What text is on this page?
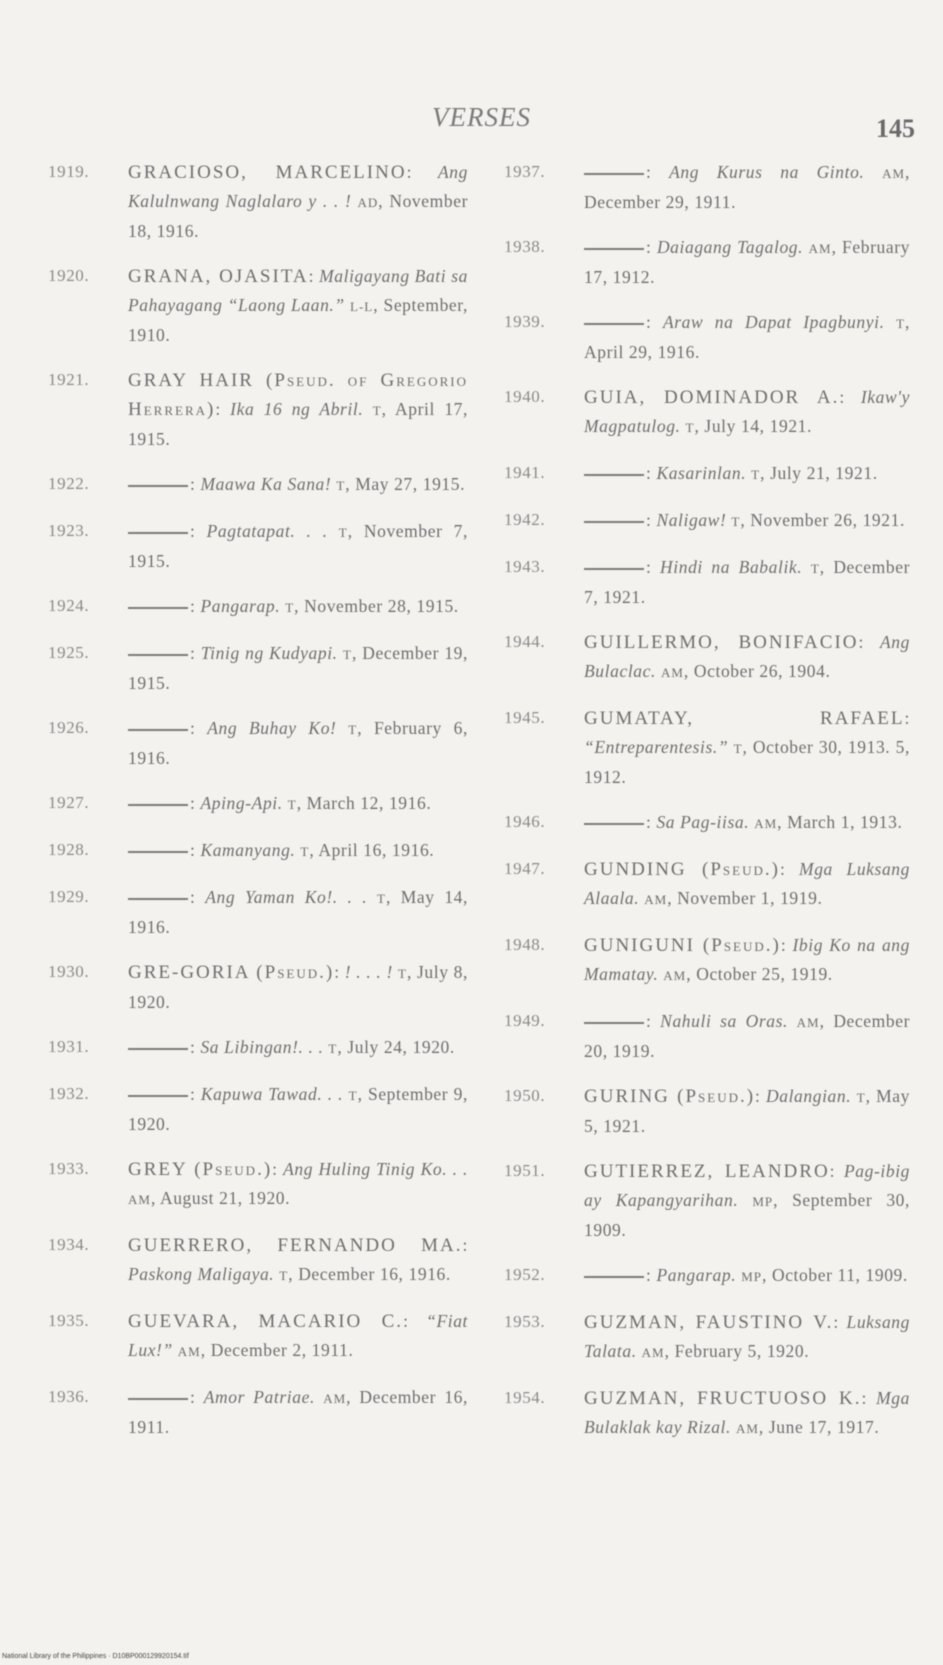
VERSES	145
1919. GRACIOSO, MARCELINO: Ang Kalulnwang Naglalaro y . . ! AD, November 18, 1916.
1920. GRANA, OJASITA: Maligayang Bati sa Pahayagang “Laong Laan.” L-L, September, 1910.
1921. GRAY HAIR (Pseud. of Gregorio Herrera): Ika 16 ng Abril. T, April 17, 1915.
1922.	: Maawa Ka Sana! T, May 27, 1915.
1923.	: Pagtatapat. . . T, November 7, 1915.
1924.	: Pangarap. T, November 28, 1915.
1925.	: Tinig ng Kudyapi. T, December 19, 1915.
1926.	: Ang Buhay Ko! T, February 6, 1916.
1927.	: Aping-Api. T, March 12, 1916.
1928.	: Kamanyang. T, April 16, 1916.
1929.	: Ang Yaman Ko!. . . T, May 14, 1916.
1930. GRE-GORIA (Pseud.): ! . . . ! T, July 8, 1920.
1931.	: Sa Libingan!. . . T, July 24, 1920.
1932.	: Kapuwa Tawad. . . T, September 9, 1920.
1933. GREY (Pseud.): Ang Huling Tinig Ko. . . AM, August 21, 1920.
1934. GUERRERO, FERNANDO MA.: Paskong Maligaya. T, December 16, 1916.
1935. GUEVARA, MACARIO C.: “Fiat Lux!” AM, December 2, 1911.
1936.	: Amor Patriae. AM, December 16, 1911.
1937.	: Ang Kurus na Ginto. AM, December 29, 1911.
1938.	: Daiagang Tagalog. AM, February 17, 1912.
1939.	: Araw na Dapat Ipagbunyi. T, April 29, 1916.
1940. GUIA, DOMINADOR A.: Ikaw'y Magpatulog. T, July 14, 1921.
1941.	: Kasarinlan. T, July 21, 1921.
1942.	: Naligaw! T, November 26, 1921.
1943.	: Hindi na Babalik. T, December 7, 1921.
1944. GUILLERMO, BONIFACIO: Ang Bulaclac. AM, October 26, 1904.
1945. GUMATAY, RAFAEL: “Entreparentesis.” T, October 30, 1913. 5, 1912.
1946.	: Sa Pag-iisa. AM, March 1, 1913.
1947. GUNDING (Pseud.): Mga Luksang Alaala. AM, November 1, 1919.
1948. GUNIGUNI (Pseud.): Ibig Ko na ang Mamatay. AM, October 25, 1919.
1949.	: Nahuli sa Oras. AM, December 20, 1919.
1950. GURING (Pseud.): Dalangian. T, May 5, 1921.
1951. GUTIERREZ, LEANDRO: Pag-ibig ay Kapangyarihan. MP, September 30, 1909.
1952.	: Pangarap. MP, October 11, 1909.
1953. GUZMAN, FAUSTINO V.: Luksang Talata. AM, February 5, 1920.
1954. GUZMAN, FRUCTUOSO K.: Mga Bulaklak kay Rizal. AM, June 17, 1917.
National Library of the Philippines · D10BP000129920154.tif
